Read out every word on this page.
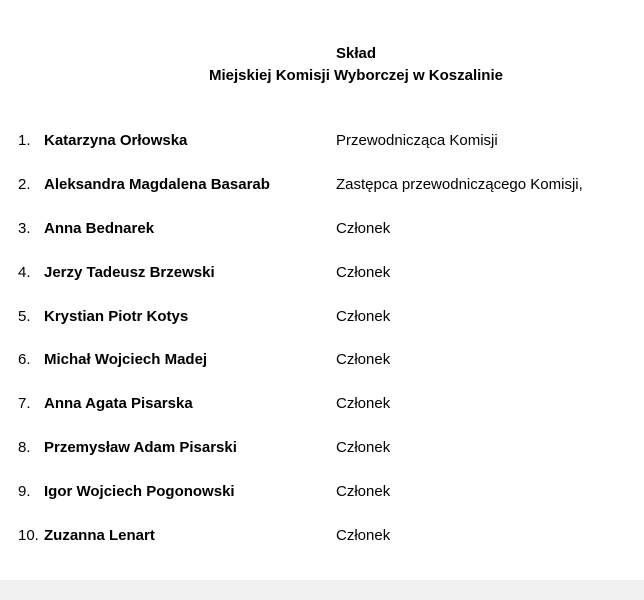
Skład
Miejskiej Komisji Wyborczej w Koszalinie
1. Katarzyna Orłowska	Przewodnicząca Komisji
2. Aleksandra Magdalena Basarab	Zastępca przewodniczącego Komisji,
3. Anna Bednarek	Członek
4. Jerzy Tadeusz Brzewski	Członek
5. Krystian Piotr Kotys	Członek
6. Michał Wojciech Madej	Członek
7. Anna Agata Pisarska	Członek
8. Przemysław Adam Pisarski	Członek
9. Igor Wojciech Pogonowski	Członek
10. Zuzanna Lenart	Członek
